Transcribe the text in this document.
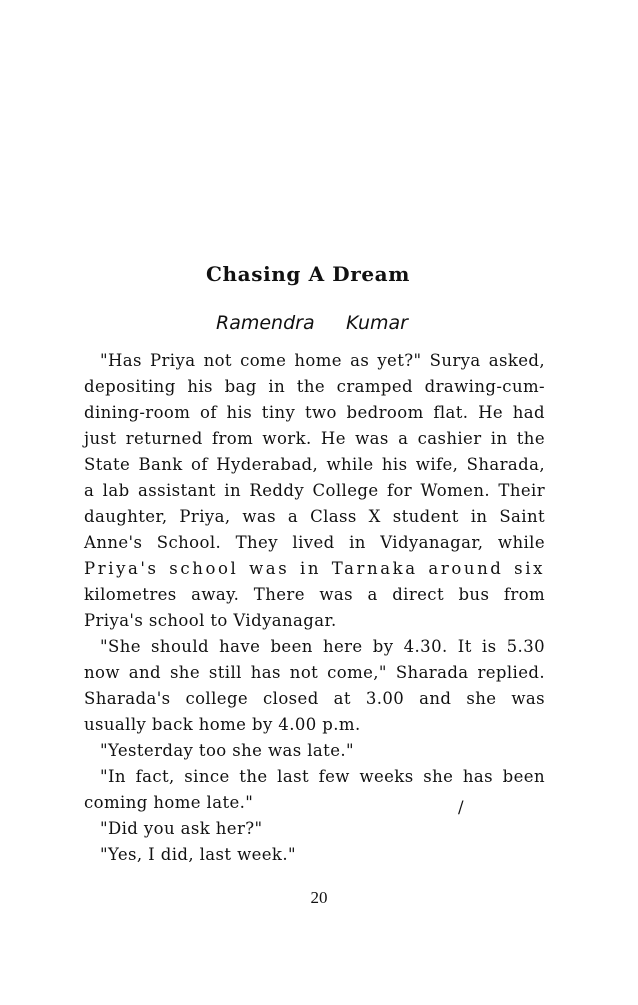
Chasing A Dream
Ramendra Kumar
"Has Priya not come home as yet?" Surya asked,
depositing his bag in the cramped drawing-cum-
dining-room of his tiny two bedroom flat. He had
just returned from work. He was a cashier in the
State Bank of Hyderabad, while his wife, Sharada,
a lab assistant in Reddy College for Women. Their
daughter, Priya, was a Class X student in Saint
Anne's School. They lived in Vidyanagar, while
Priya's school was in Tarnaka around six
kilometres away. There was a direct bus from
Priya's school to Vidyanagar.
"She should have been here by 4.30. It is 5.30
now and she still has not come," Sharada replied.
Sharada's college closed at 3.00 and she was
usually back home by 4.00 p.m.
"Yesterday too she was late."
"In fact, since the last few weeks she has been
coming home late."
"Did you ask her?"
"Yes, I did, last week."
/
20
